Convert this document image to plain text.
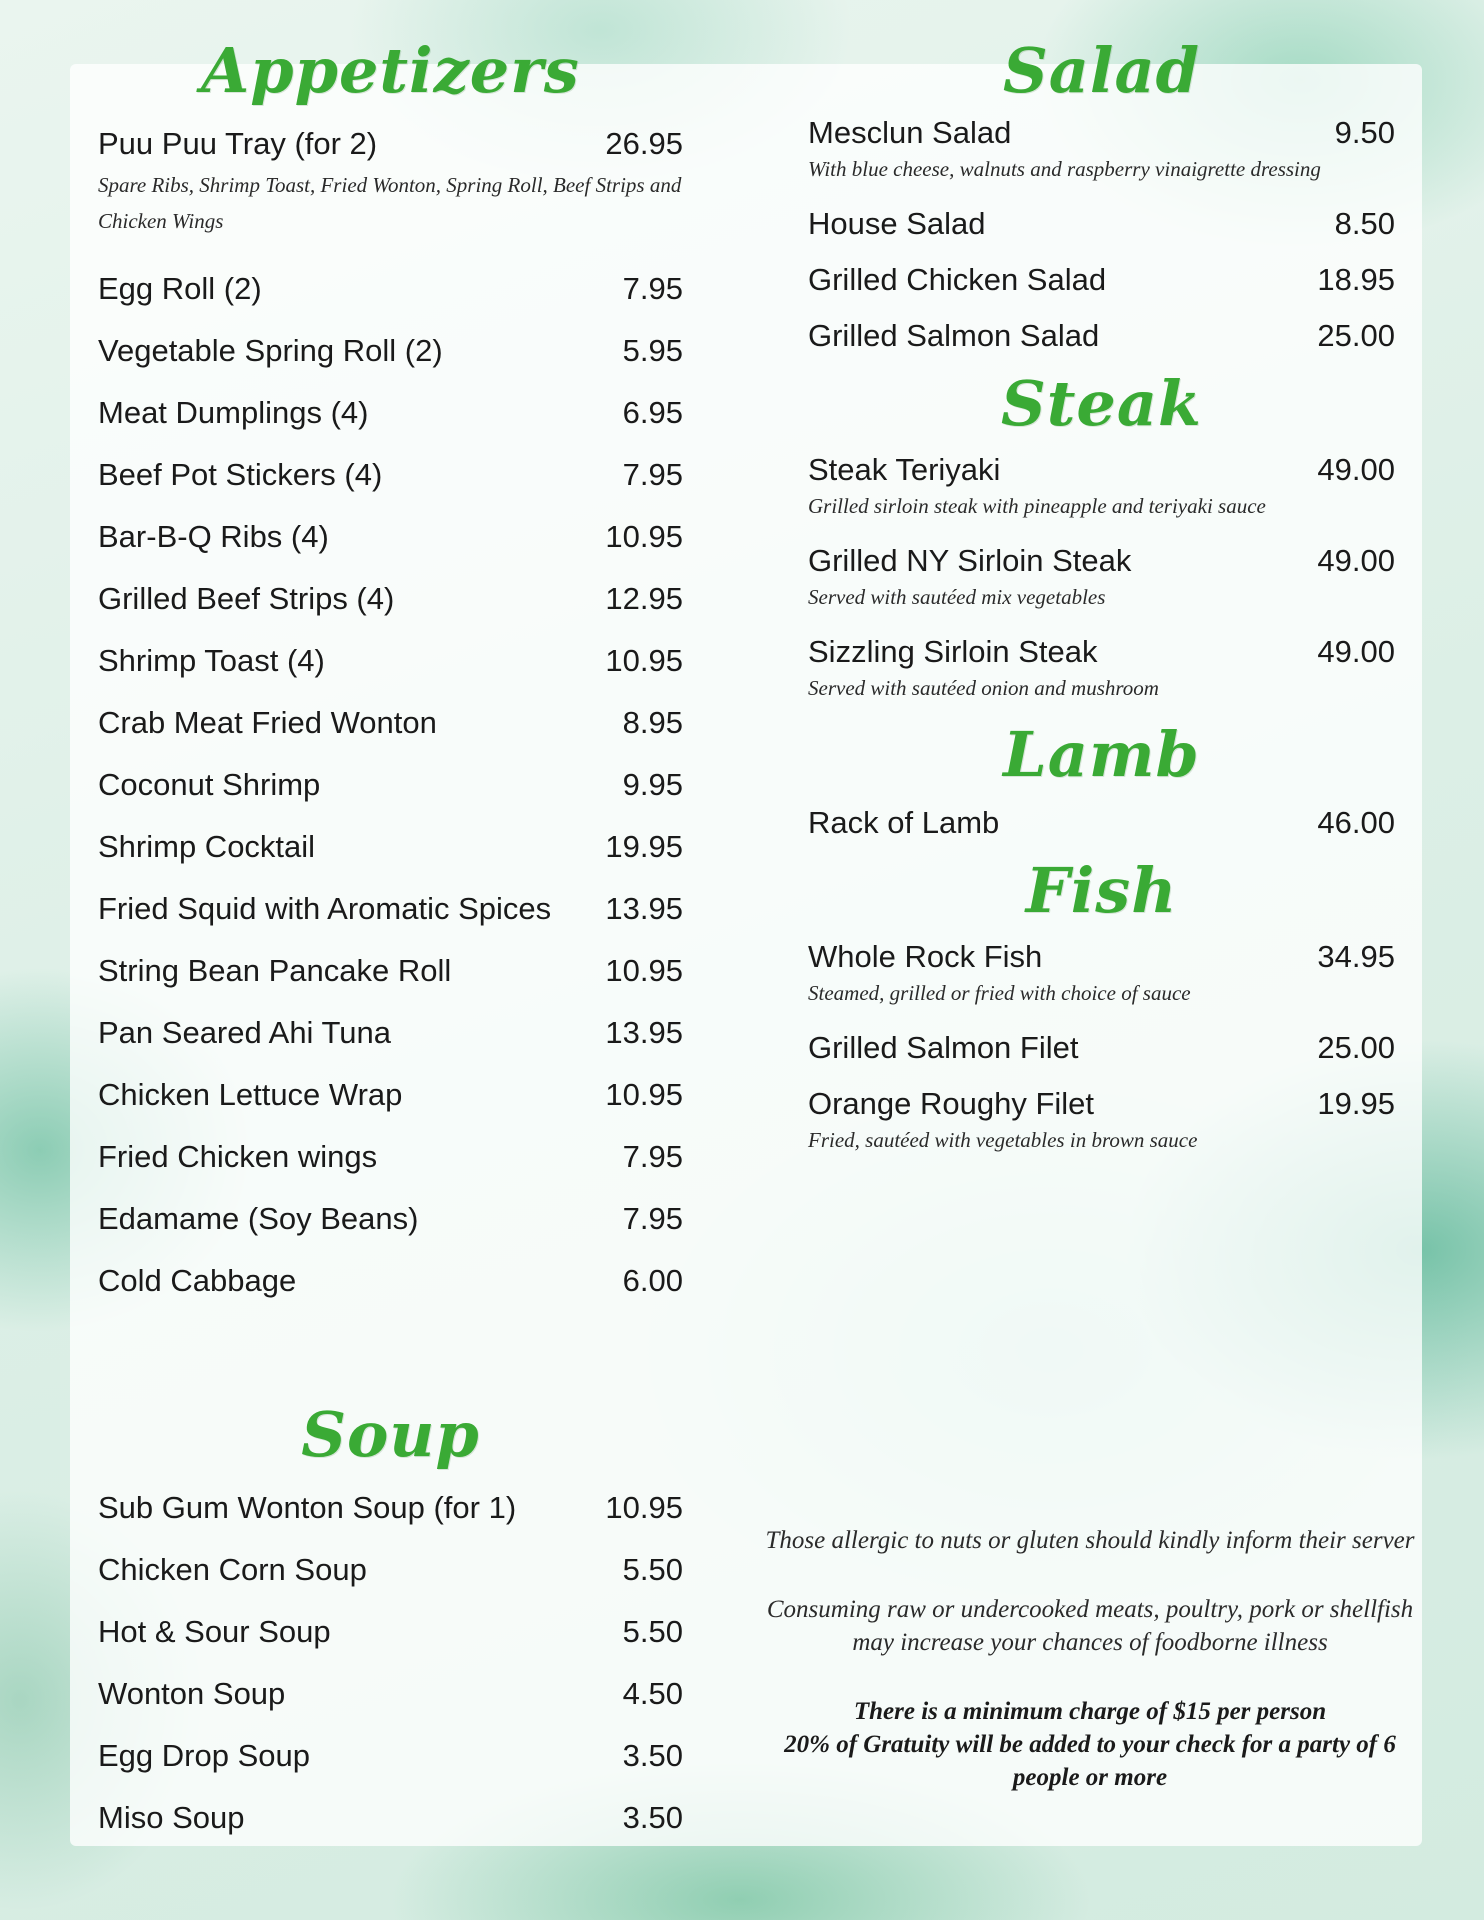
Appetizers
Puu Puu Tray (for 2)	26.95
Spare Ribs, Shrimp Toast, Fried Wonton, Spring Roll, Beef Strips and Chicken Wings
Egg Roll (2)	7.95
Vegetable Spring Roll (2)	5.95
Meat Dumplings (4)	6.95
Beef Pot Stickers (4)	7.95
Bar-B-Q Ribs (4)	10.95
Grilled Beef Strips (4)	12.95
Shrimp Toast (4)	10.95
Crab Meat Fried Wonton	8.95
Coconut Shrimp	9.95
Shrimp Cocktail	19.95
Fried Squid with Aromatic Spices 13.95
String Bean Pancake Roll	10.95
Pan Seared Ahi Tuna	13.95
Chicken Lettuce Wrap	10.95
Fried Chicken wings	7.95
Edamame (Soy Beans)	7.95
Cold Cabbage	6.00
Soup
Sub Gum Wonton Soup (for 1)	10.95
Chicken Corn Soup	5.50
Hot & Sour Soup	5.50
Wonton Soup	4.50
Egg Drop Soup	3.50
Miso Soup	3.50
Salad
Mesclun Salad	9.50
With blue cheese, walnuts and raspberry vinaigrette dressing
House Salad	8.50
Grilled Chicken Salad	18.95
Grilled Salmon Salad	25.00
Steak
Steak Teriyaki	49.00
Grilled sirloin steak with pineapple and teriyaki sauce
Grilled NY Sirloin Steak	49.00
Served with sautéed mix vegetables
Sizzling Sirloin Steak	49.00
Served with sautéed onion and mushroom
Lamb
Rack of Lamb	46.00
Fish
Whole Rock Fish	34.95
Steamed, grilled or fried with choice of sauce
Grilled Salmon Filet	25.00
Orange Roughy Filet	19.95
Fried, sautéed with vegetables in brown sauce

Those allergic to nuts or gluten should kindly inform their server

Consuming raw or undercooked meats, poultry, pork or shellfish may increase your chances of foodborne illness

There is a minimum charge of $15 per person
20% of Gratuity will be added to your check for a party of 6 people or more
